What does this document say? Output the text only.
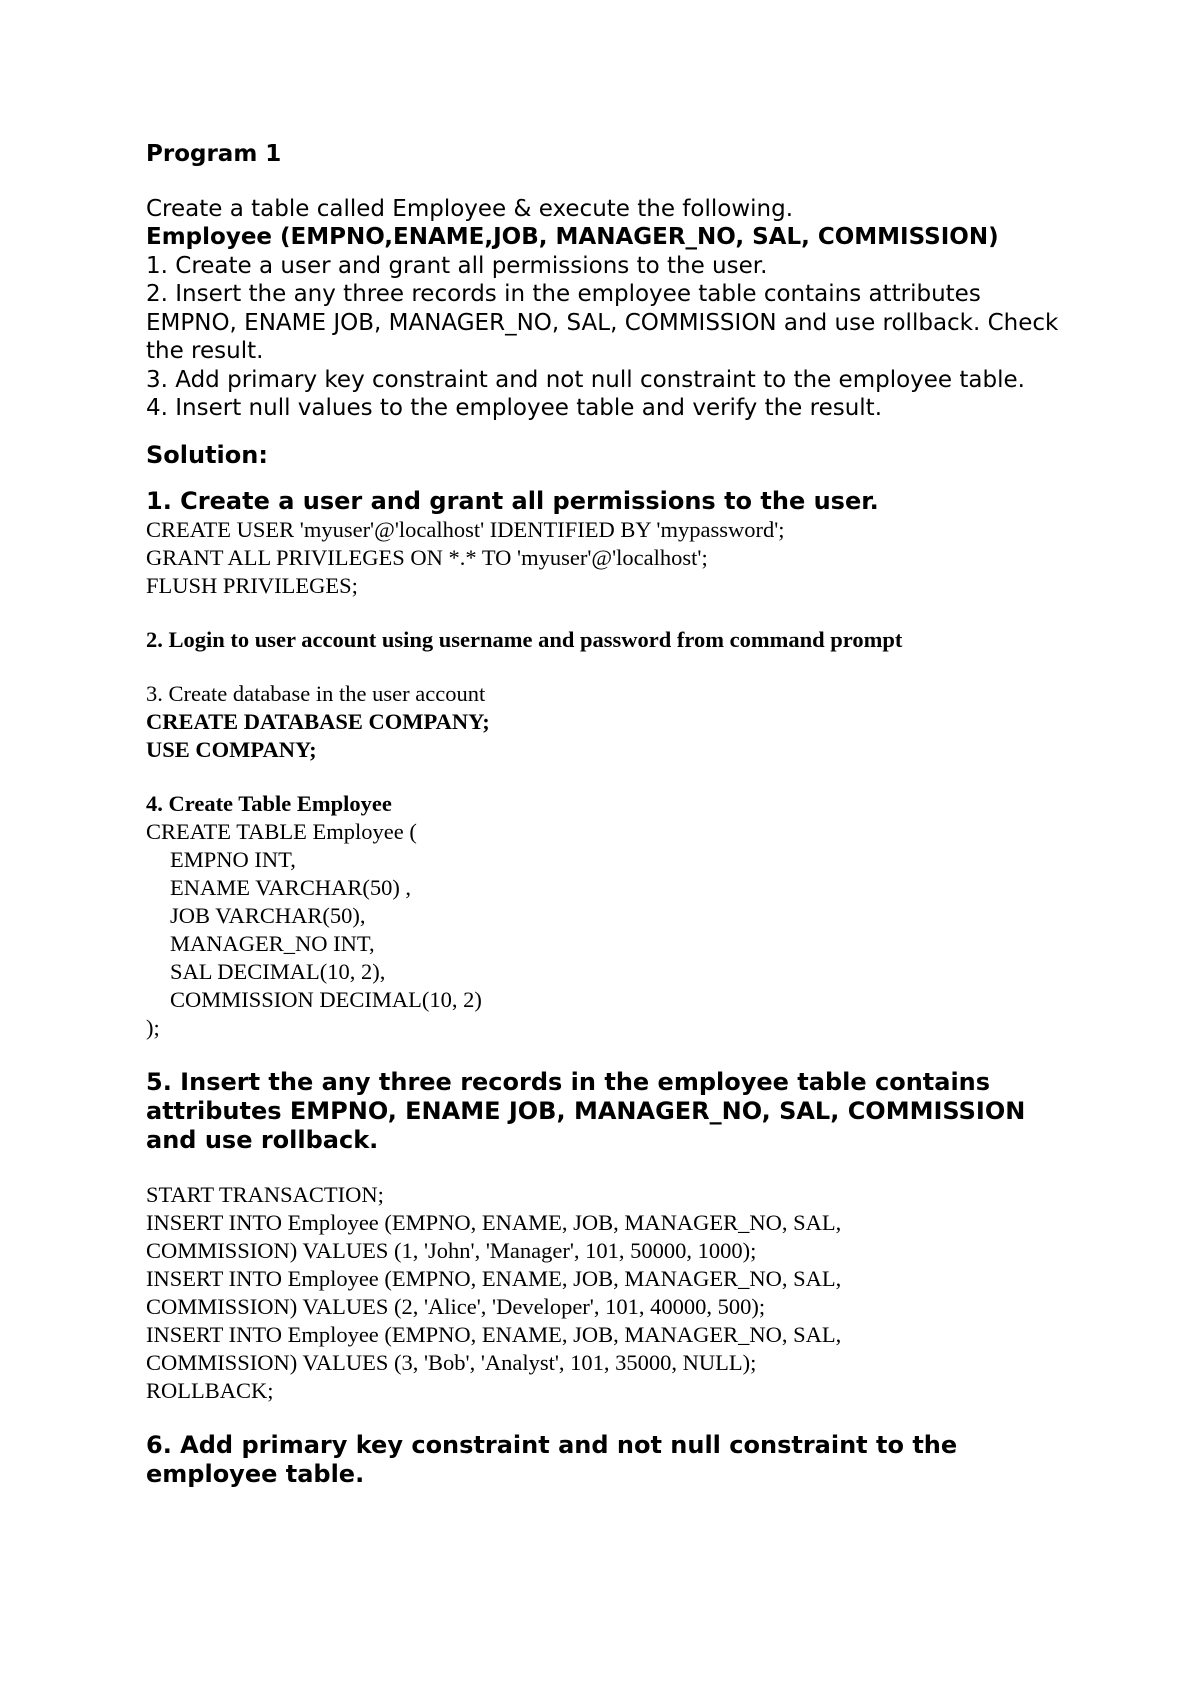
Program 1

Create a table called Employee & execute the following.

Employee (EMPNO,ENAME,JOB, MANAGER_NO, SAL, COMMISSION)

1. Create a user and grant all permissions to the user.

2. Insert the any three records in the employee table contains attributes EMPNO, ENAME JOB, MANAGER_NO, SAL, COMMISSION and use rollback. Check the result.

3. Add primary key constraint and not null constraint to the employee table.

4. Insert null values to the employee table and verify the result.

Solution:

1. Create a user and grant all permissions to the user.

CREATE USER 'myuser'@'localhost' IDENTIFIED BY 'mypassword';

GRANT ALL PRIVILEGES ON *.* TO 'myuser'@'localhost';

FLUSH PRIVILEGES;

2. Login to user account using username and password from command prompt

3. Create database in the user account

CREATE DATABASE COMPANY;

USE COMPANY;

4. Create Table Employee

CREATE TABLE Employee (

EMPNO INT,

ENAME VARCHAR(50) ,

JOB VARCHAR(50),

MANAGER_NO INT,

SAL DECIMAL(10, 2),

COMMISSION DECIMAL(10, 2)

);

5. Insert the any three records in the employee table contains attributes EMPNO, ENAME JOB, MANAGER_NO, SAL, COMMISSION and use rollback.

START TRANSACTION;

INSERT INTO Employee (EMPNO, ENAME, JOB, MANAGER_NO, SAL,

COMMISSION) VALUES (1, 'John', 'Manager', 101, 50000, 1000);

INSERT INTO Employee (EMPNO, ENAME, JOB, MANAGER_NO, SAL,

COMMISSION) VALUES (2, 'Alice', 'Developer', 101, 40000, 500);

INSERT INTO Employee (EMPNO, ENAME, JOB, MANAGER_NO, SAL,

COMMISSION) VALUES (3, 'Bob', 'Analyst', 101, 35000, NULL);

ROLLBACK;

6. Add primary key constraint and not null constraint to the employee table.
